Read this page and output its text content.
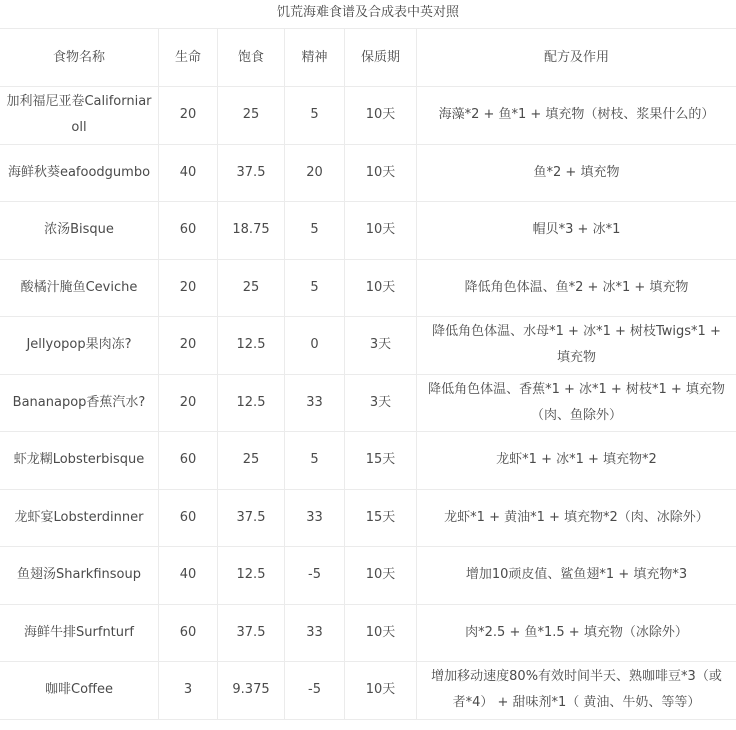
饥荒海难食谱及合成表中英对照
食物名称	生命	饱食	精神	保质期	配方及作用
加利福尼亚卷Californiaroll	20	25	5	10天	海藻*2 + 鱼*1 + 填充物（树枝、浆果什么的）
海鲜秋葵eafoodgumbo	40	37.5	20	10天	鱼*2 + 填充物
浓汤Bisque	60	18.75	5	10天	帽贝*3 + 冰*1
酸橘汁腌鱼Ceviche	20	25	5	10天	降低角色体温、鱼*2 + 冰*1 + 填充物
Jellyopop果肉冻?	20	12.5	0	3天	降低角色体温、水母*1 + 冰*1 + 树枝Twigs*1 + 填充物
Bananapop香蕉汽水?	20	12.5	33	3天	降低角色体温、香蕉*1 + 冰*1 + 树枝*1 + 填充物（肉、鱼除外）
虾龙糊Lobsterbisque	60	25	5	15天	龙虾*1 + 冰*1 + 填充物*2
龙虾宴Lobsterdinner	60	37.5	33	15天	龙虾*1 + 黄油*1 + 填充物*2（肉、冰除外）
鱼翅汤Sharkfinsoup	40	12.5	-5	10天	增加10顽皮值、鲨鱼翅*1 + 填充物*3
海鲜牛排Surfnturf	60	37.5	33	10天	肉*2.5 + 鱼*1.5 + 填充物（冰除外）
咖啡Coffee	3	9.375	-5	10天	增加移动速度80%有效时间半天、熟咖啡豆*3（或者*4） + 甜味剂*1（ 黄油、牛奶、等等）
